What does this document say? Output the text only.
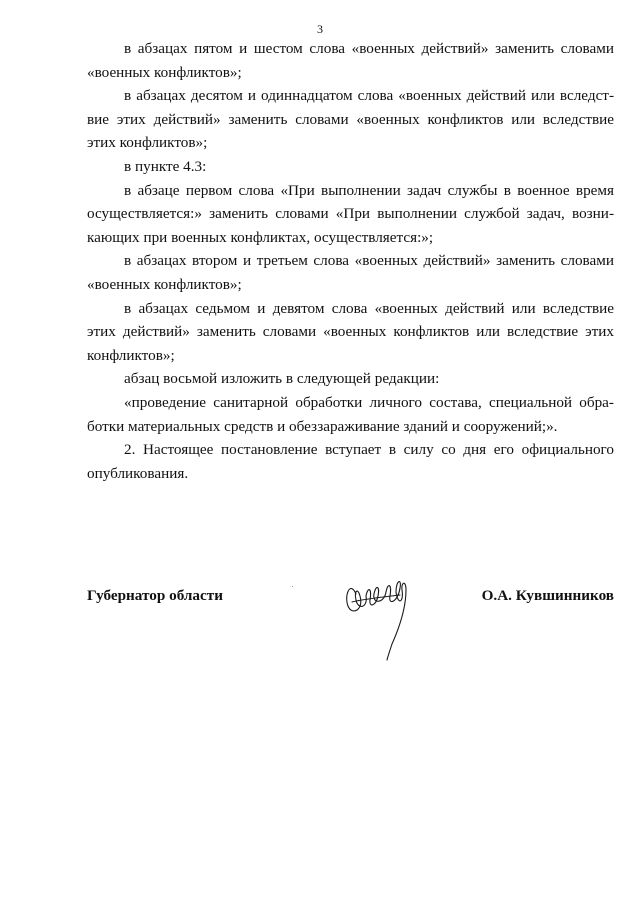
3

в абзацах пятом и шестом слова «военных действий» заменить словами «военных конфликтов»;

в абзацах десятом и одиннадцатом слова «военных действий или вследст-вие этих действий» заменить словами «военных конфликтов или вследствие этих конфликтов»;

в пункте 4.3:

в абзаце первом слова «При выполнении задач службы в военное время осуществляется:» заменить словами «При выполнении службой задач, возни-кающих при военных конфликтах, осуществляется:»;

в абзацах втором и третьем слова «военных действий» заменить словами «военных конфликтов»;

в абзацах седьмом и девятом слова «военных действий или вследствие этих действий» заменить словами «военных конфликтов или вследствие этих конфликтов»;

абзац восьмой изложить в следующей редакции:

«проведение санитарной обработки личного состава, специальной обра-ботки материальных средств и обеззараживание зданий и сооружений;».

2. Настоящее постановление вступает в силу со дня его официального опубликования.

Губернатор области	О.А. Кувшинников
